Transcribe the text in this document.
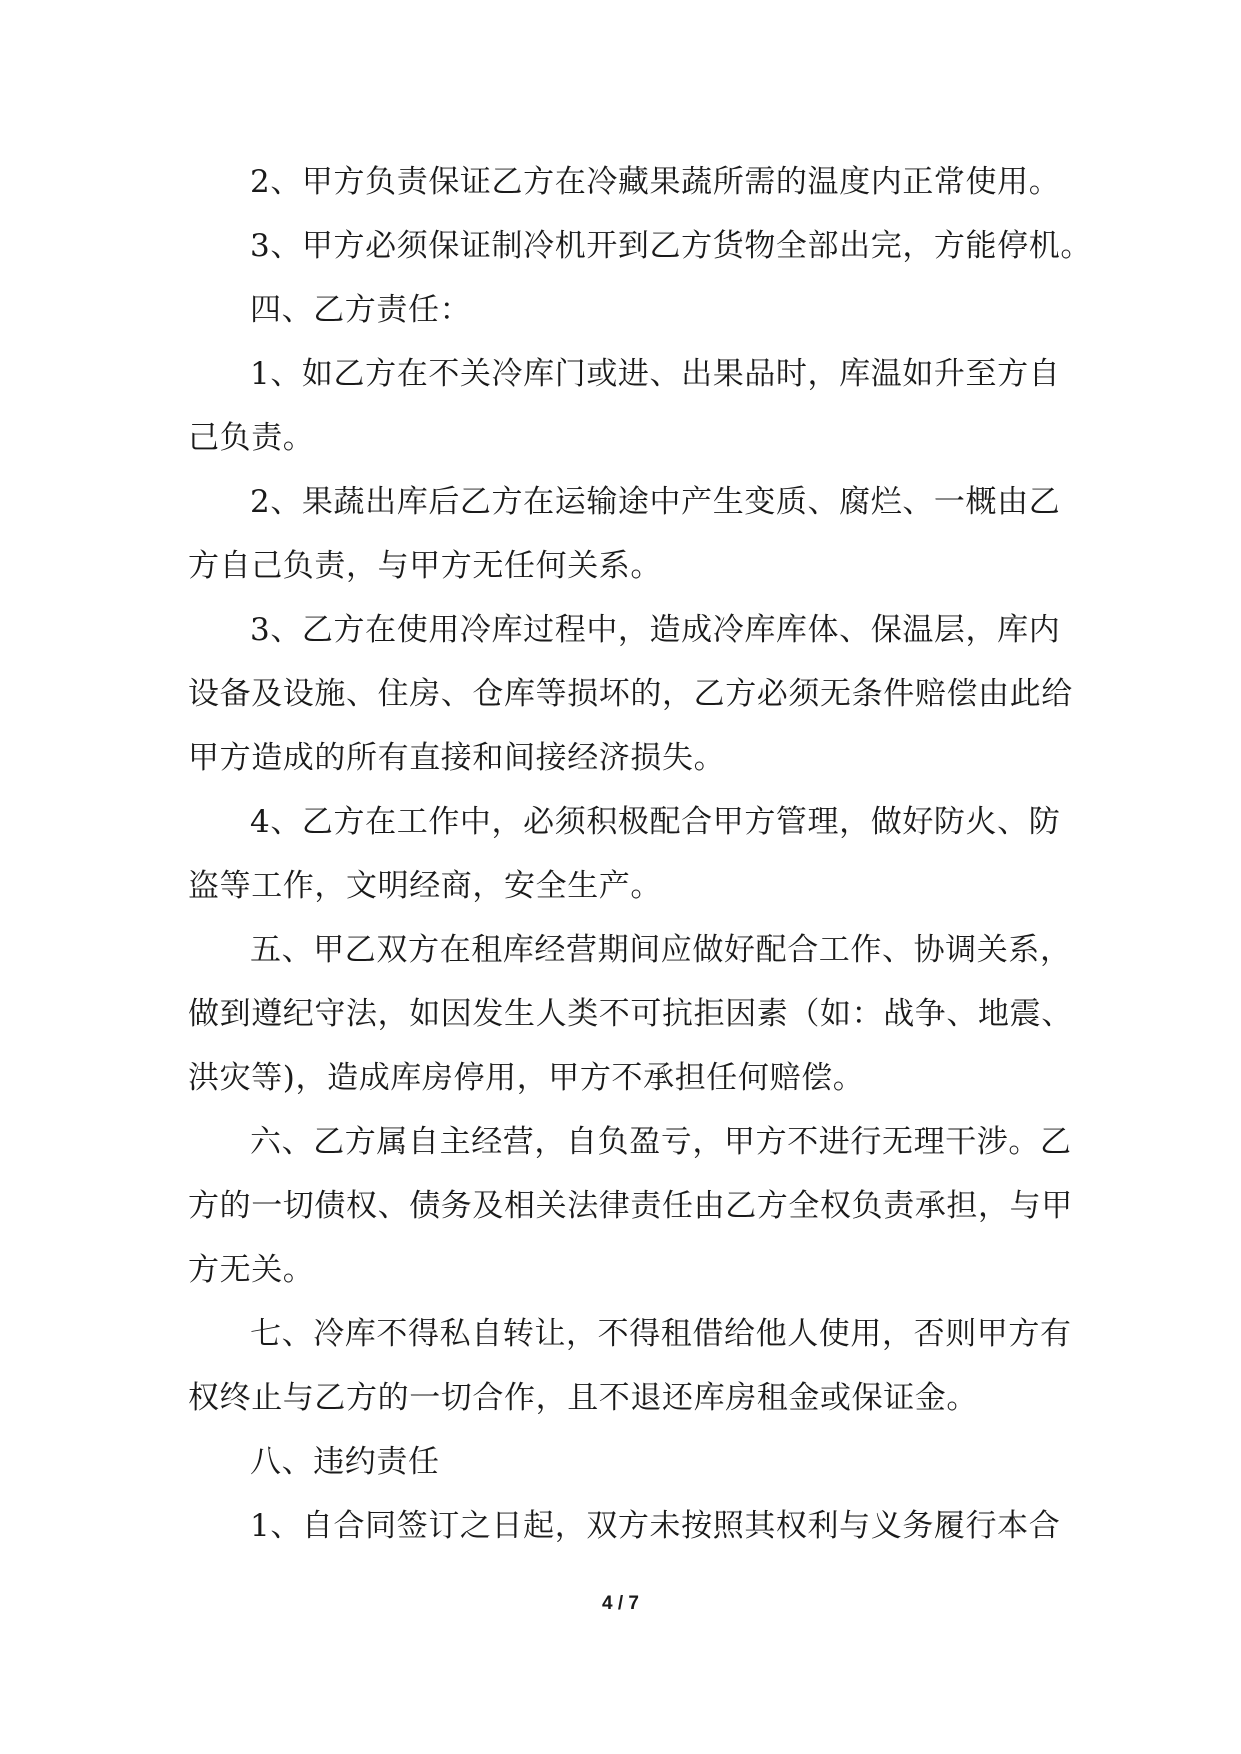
2、甲方负责保证乙方在冷藏果蔬所需的温度内正常使用。
3、甲方必须保证制冷机开到乙方货物全部出完，方能停机。
四、乙方责任：
1、如乙方在不关冷库门或进、出果品时，库温如升至方自
己负责。
2、果蔬出库后乙方在运输途中产生变质、腐烂、一概由乙
方自己负责，与甲方无任何关系。
3、乙方在使用冷库过程中，造成冷库库体、保温层，库内
设备及设施、住房、仓库等损坏的，乙方必须无条件赔偿由此给
甲方造成的所有直接和间接经济损失。
4、乙方在工作中，必须积极配合甲方管理，做好防火、防
盗等工作，文明经商，安全生产。
五、甲乙双方在租库经营期间应做好配合工作、协调关系，
做到遵纪守法，如因发生人类不可抗拒因素（如：战争、地震、
洪灾等)，造成库房停用，甲方不承担任何赔偿。
六、乙方属自主经营，自负盈亏，甲方不进行无理干涉。乙
方的一切债权、债务及相关法律责任由乙方全权负责承担，与甲
方无关。
七、冷库不得私自转让，不得租借给他人使用，否则甲方有
权终止与乙方的一切合作，且不退还库房租金或保证金。
八、违约责任
1、自合同签订之日起，双方未按照其权利与义务履行本合
4 / 7
